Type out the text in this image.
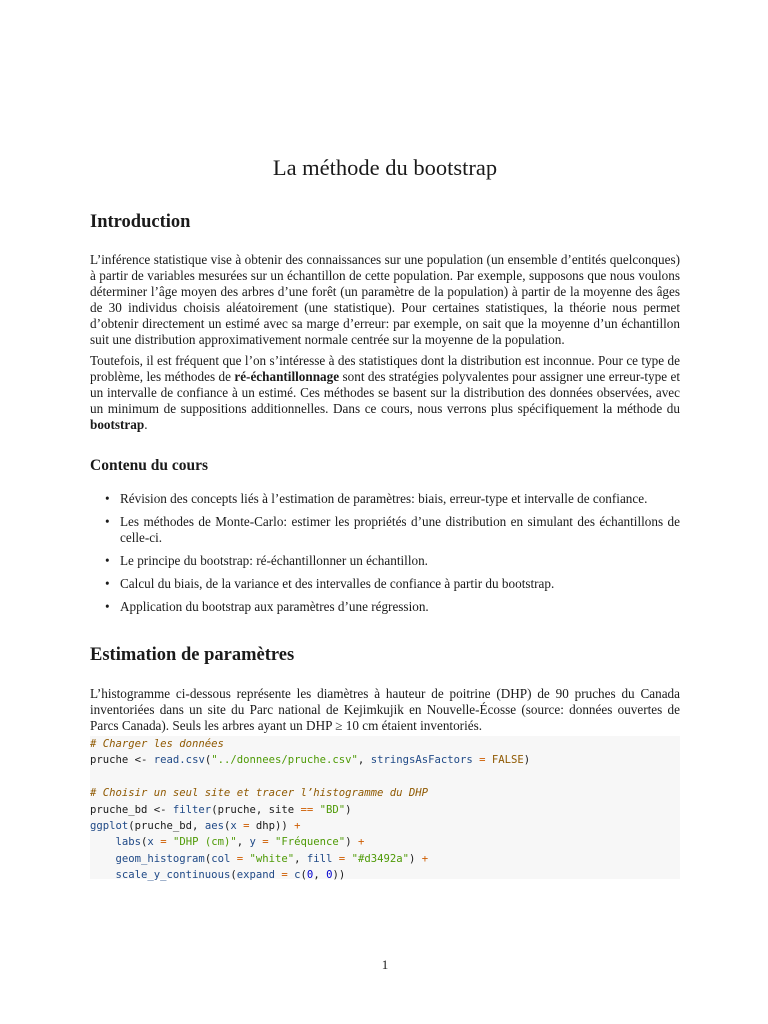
La méthode du bootstrap
Introduction

L’inférence statistique vise à obtenir des connaissances sur une population (un ensemble d’entités quelconques) à partir de variables mesurées sur un échantillon de cette population. Par exemple, supposons que nous voulons déterminer l’âge moyen des arbres d’une forêt (un paramètre de la population) à partir de la moyenne des âges de 30 individus choisis aléatoirement (une statistique). Pour certaines statistiques, la théorie nous permet d’obtenir directement un estimé avec sa marge d’erreur: par exemple, on sait que la moyenne d’un échantillon suit une distribution approximativement normale centrée sur la moyenne de la population.

Toutefois, il est fréquent que l’on s’intéresse à des statistiques dont la distribution est inconnue. Pour ce type de problème, les méthodes de ré-échantillonnage sont des stratégies polyvalentes pour assigner une erreur-type et un intervalle de confiance à un estimé. Ces méthodes se basent sur la distribution des données observées, avec un minimum de suppositions additionnelles. Dans ce cours, nous verrons plus spécifiquement la méthode du bootstrap.

Contenu du cours
• Révision des concepts liés à l’estimation de paramètres: biais, erreur-type et intervalle de confiance.
• Les méthodes de Monte-Carlo: estimer les propriétés d’une distribution en simulant des échantillons de celle-ci.
• Le principe du bootstrap: ré-échantillonner un échantillon.
• Calcul du biais, de la variance et des intervalles de confiance à partir du bootstrap.
• Application du bootstrap aux paramètres d’une régression.
Estimation de paramètres

L’histogramme ci-dessous représente les diamètres à hauteur de poitrine (DHP) de 90 pruches du Canada inventoriées dans un site du Parc national de Kejimkujik en Nouvelle-Écosse (source: données ouvertes de Parcs Canada). Seuls les arbres ayant un DHP ≥ 10 cm étaient inventoriés.

# Charger les données
pruche <- read.csv("../donnees/pruche.csv", stringsAsFactors = FALSE)

# Choisir un seul site et tracer l’histogramme du DHP
pruche_bd <- filter(pruche, site == "BD")
ggplot(pruche_bd, aes(x = dhp)) +
labs(x = "DHP (cm)", y = "Fréquence") +
geom_histogram(col = "white", fill = "#d3492a") +
scale_y_continuous(expand = c(0, 0))
1
